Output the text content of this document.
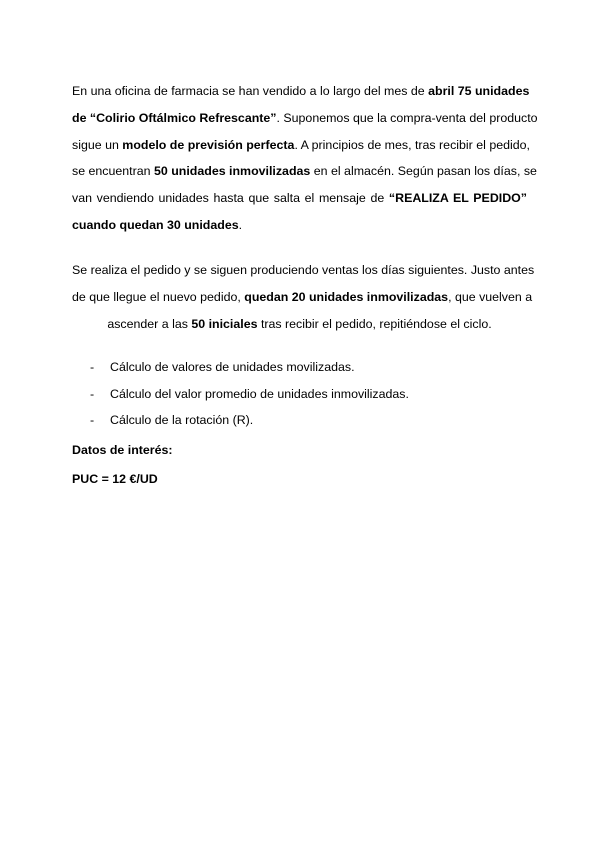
En una oficina de farmacia se han vendido a lo largo del mes de abril 75 unidades
de “Colirio Oftálmico Refrescante”. Suponemos que la compra-venta del producto
sigue un modelo de previsión perfecta. A principios de mes, tras recibir el pedido,
se encuentran 50 unidades inmovilizadas en el almacén. Según pasan los días, se
van vendiendo unidades hasta que salta el mensaje de “REALIZA EL PEDIDO”
cuando quedan 30 unidades.
Se realiza el pedido y se siguen produciendo ventas los días siguientes. Justo antes
de que llegue el nuevo pedido, quedan 20 unidades inmovilizadas, que vuelven a
ascender a las 50 iniciales tras recibir el pedido, repitiéndose el ciclo.
- Cálculo de valores de unidades movilizadas.
- Cálculo del valor promedio de unidades inmovilizadas.
- Cálculo de la rotación (R).
Datos de interés:
PUC = 12 €/UD
